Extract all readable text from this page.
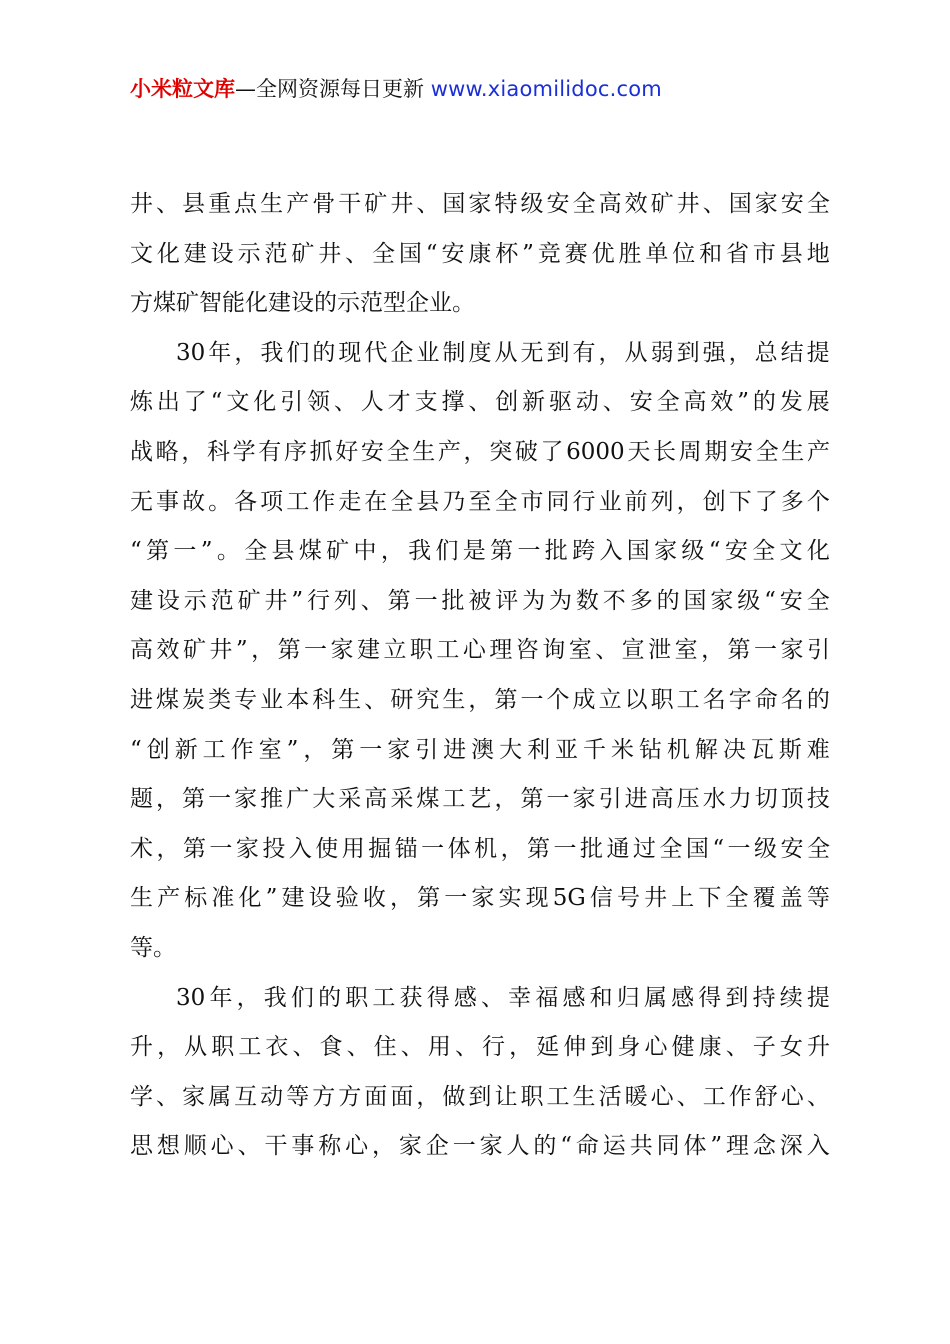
小米粒文库—全网资源每日更新 www.xiaomilidoc.com
井 、 县 重 点 生 产 骨 干 矿 井 、 国 家 特 级 安 全 高 效 矿 井 、 国 家 安 全
文 化 建 设 示 范 矿 井 、 全 国 “ 安 康 杯 ” 竞 赛 优 胜 单 位 和 省 市 县 地
方 煤 矿 智 能 化 建 设 的 示 范 型 企 业 。
30 年 ， 我 们 的 现 代 企 业 制 度 从 无 到 有 ， 从 弱 到 强 ， 总 结 提
炼 出 了 “ 文 化 引 领 、 人 才 支 撑 、 创 新 驱 动 、 安 全 高 效 ” 的 发 展
战 略 ， 科 学 有 序 抓 好 安 全 生 产 ， 突 破 了 6000 天 长 周 期 安 全 生 产
无 事 故 。 各 项 工 作 走 在 全 县 乃 至 全 市 同 行 业 前 列 ， 创 下 了 多 个
“ 第 一 ” 。 全 县 煤 矿 中 ， 我 们 是 第 一 批 跨 入 国 家 级 “ 安 全 文 化
建 设 示 范 矿 井 ” 行 列 、 第 一 批 被 评 为 为 数 不 多 的 国 家 级 “ 安 全
高 效 矿 井 ” ， 第 一 家 建 立 职 工 心 理 咨 询 室 、 宣 泄 室 ， 第 一 家 引
进 煤 炭 类 专 业 本 科 生 、 研 究 生 ， 第 一 个 成 立 以 职 工 名 字 命 名 的
“ 创 新 工 作 室 ” ， 第 一 家 引 进 澳 大 利 亚 千 米 钻 机 解 决 瓦 斯 难
题 ， 第 一 家 推 广 大 采 高 采 煤 工 艺 ， 第 一 家 引 进 高 压 水 力 切 顶 技
术 ， 第 一 家 投 入 使 用 掘 锚 一 体 机 ， 第 一 批 通 过 全 国 “ 一 级 安 全
生 产 标 准 化 ” 建 设 验 收 ， 第 一 家 实 现 5G 信 号 井 上 下 全 覆 盖 等
等 。
30 年 ， 我 们 的 职 工 获 得 感 、 幸 福 感 和 归 属 感 得 到 持 续 提
升 ， 从 职 工 衣 、 食 、 住 、 用 、 行 ， 延 伸 到 身 心 健 康 、 子 女 升
学 、 家 属 互 动 等 方 方 面 面 ， 做 到 让 职 工 生 活 暖 心 、 工 作 舒 心 、
思 想 顺 心 、 干 事 称 心 ， 家 企 一 家 人 的 “ 命 运 共 同 体 ” 理 念 深 入
